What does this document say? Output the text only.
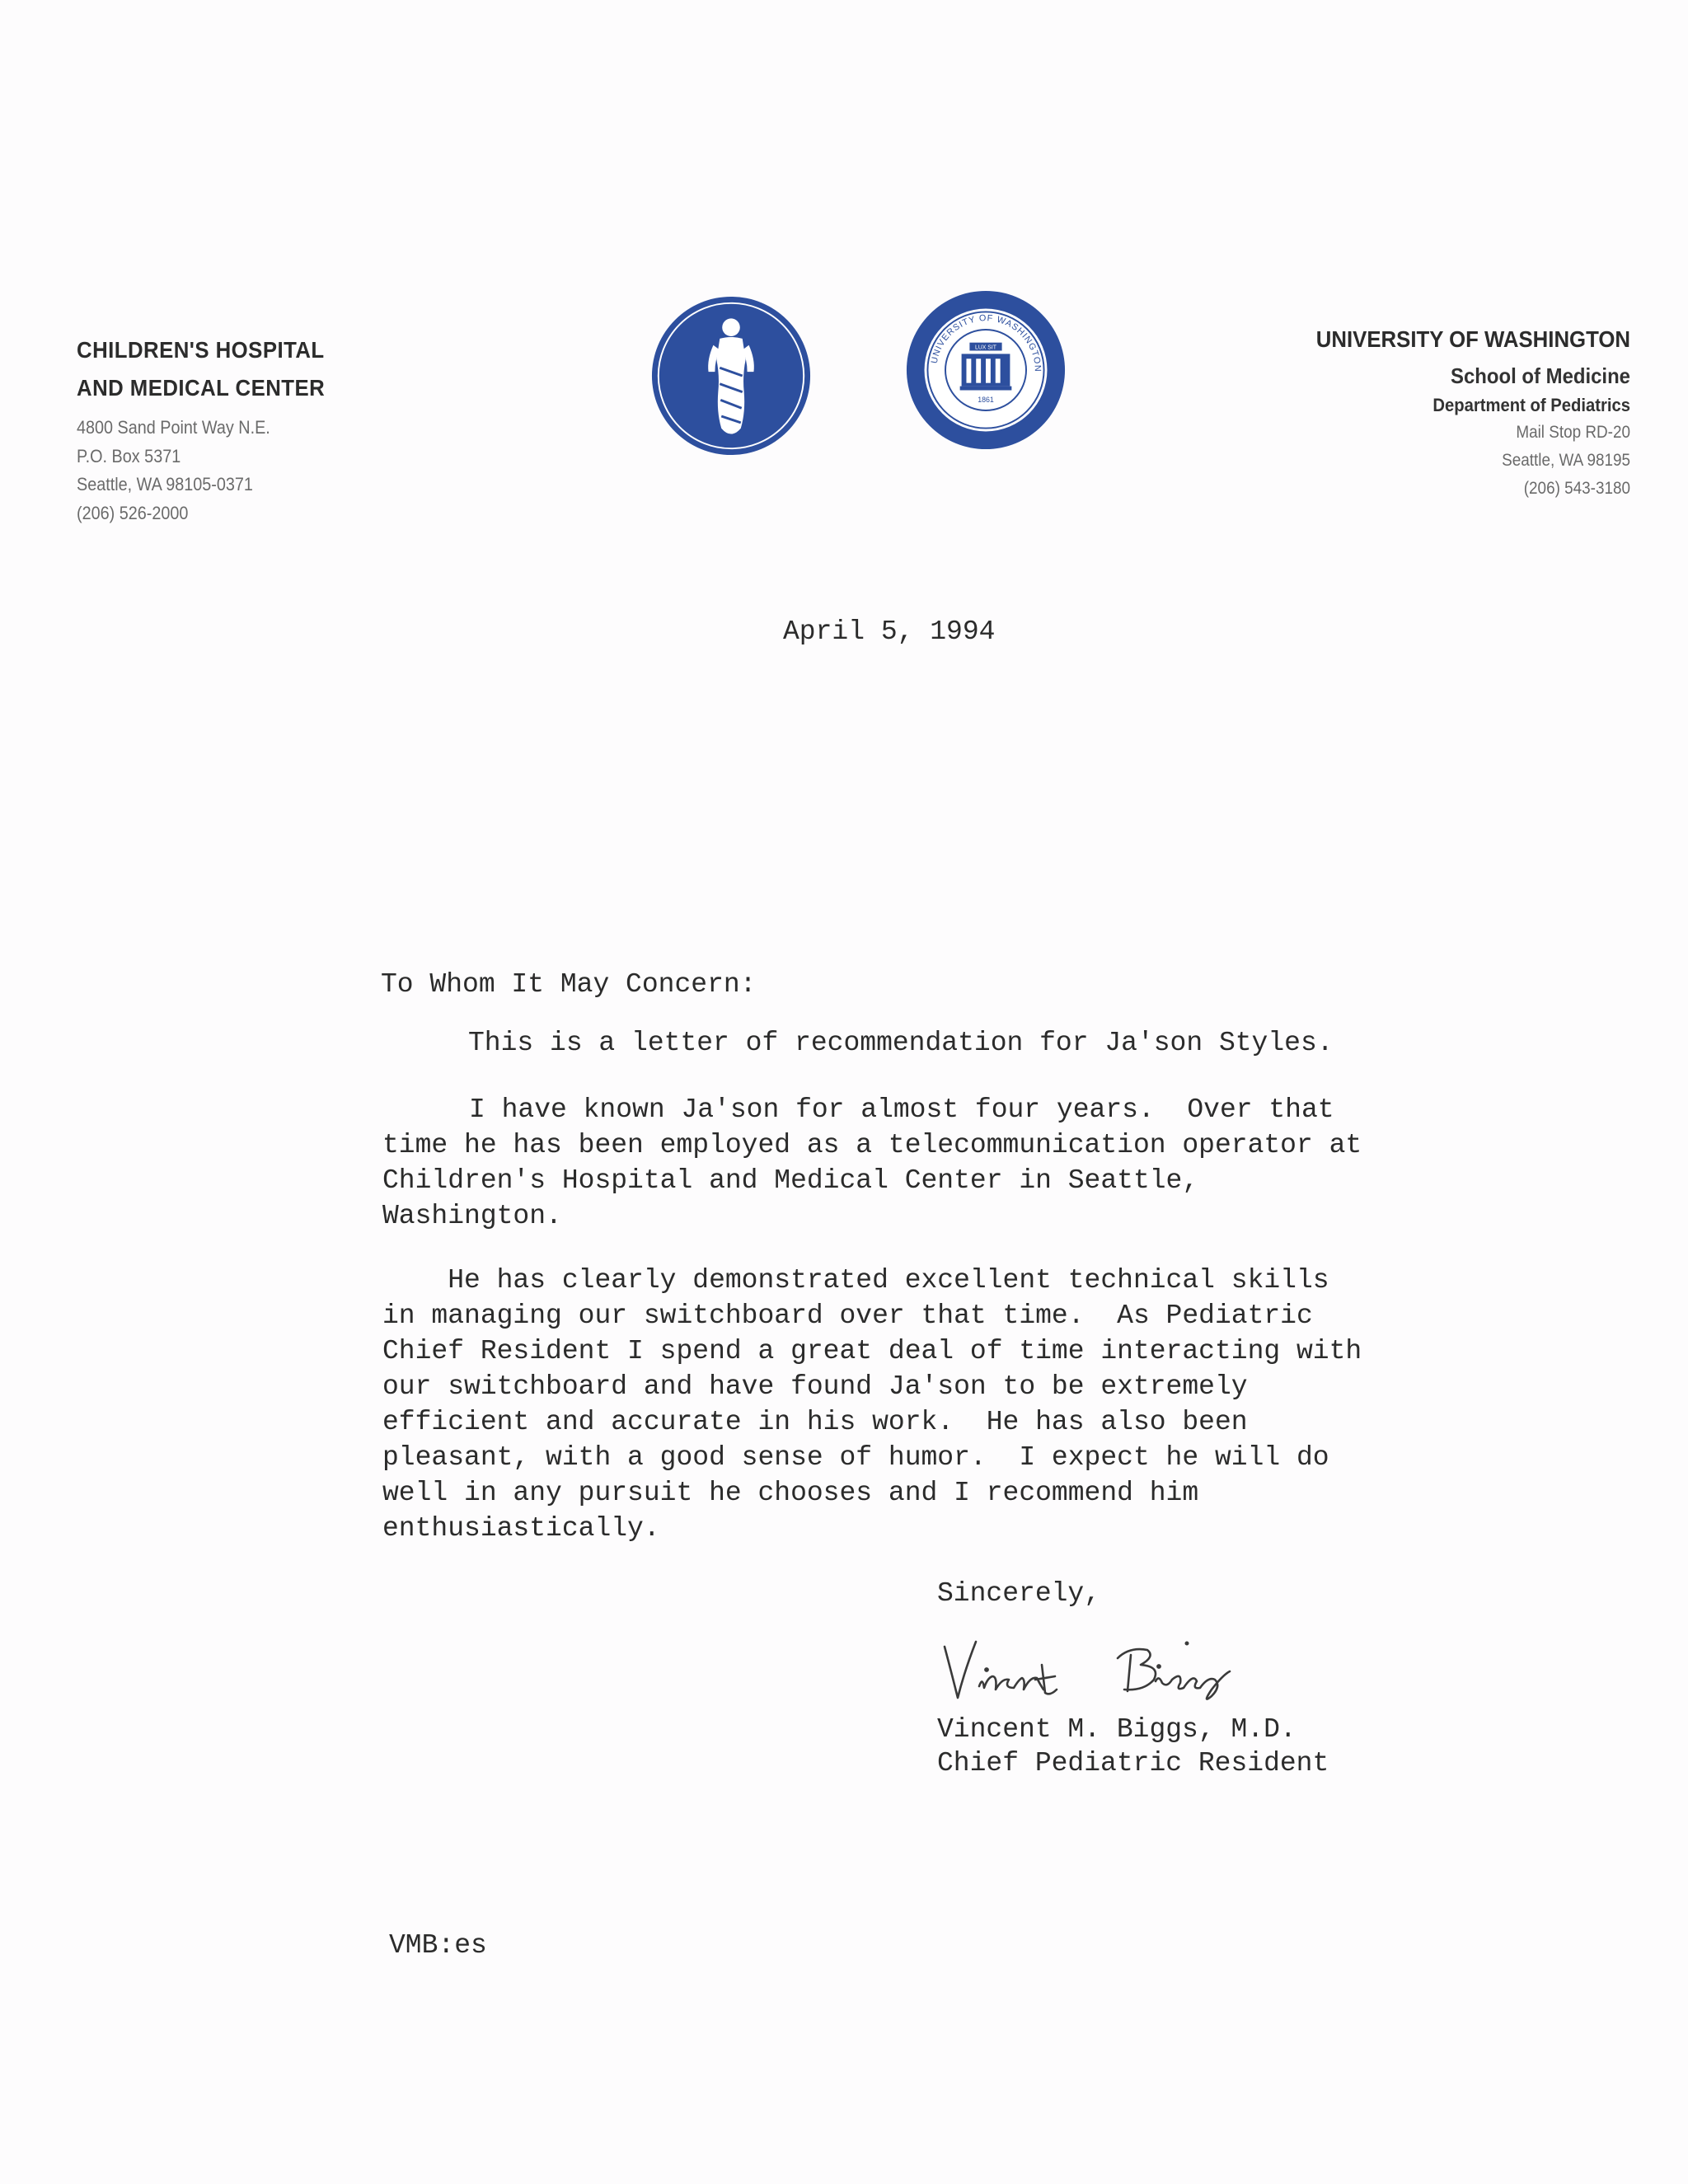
CHILDREN'S HOSPITAL
AND MEDICAL CENTER
4800 Sand Point Way N.E.
P.O. Box 5371
Seattle, WA 98105-0371
(206) 526-2000
UNIVERSITY OF WASHINGTON
LUX SIT
1861
UNIVERSITY OF WASHINGTON
School of Medicine
Department of Pediatrics
Mail Stop RD-20
Seattle, WA 98195
(206) 543-3180
April 5, 1994
To Whom It May Concern:
This is a letter of recommendation for Ja'son Styles.
I have known Ja'son for almost four years.  Over that
time he has been employed as a telecommunication operator at
Children's Hospital and Medical Center in Seattle,
Washington.
He has clearly demonstrated excellent technical skills
in managing our switchboard over that time.  As Pediatric
Chief Resident I spend a great deal of time interacting with
our switchboard and have found Ja'son to be extremely
efficient and accurate in his work.  He has also been
pleasant, with a good sense of humor.  I expect he will do
well in any pursuit he chooses and I recommend him
enthusiastically.
Sincerely,
Vincent M. Biggs, M.D.
Chief Pediatric Resident
VMB:es
